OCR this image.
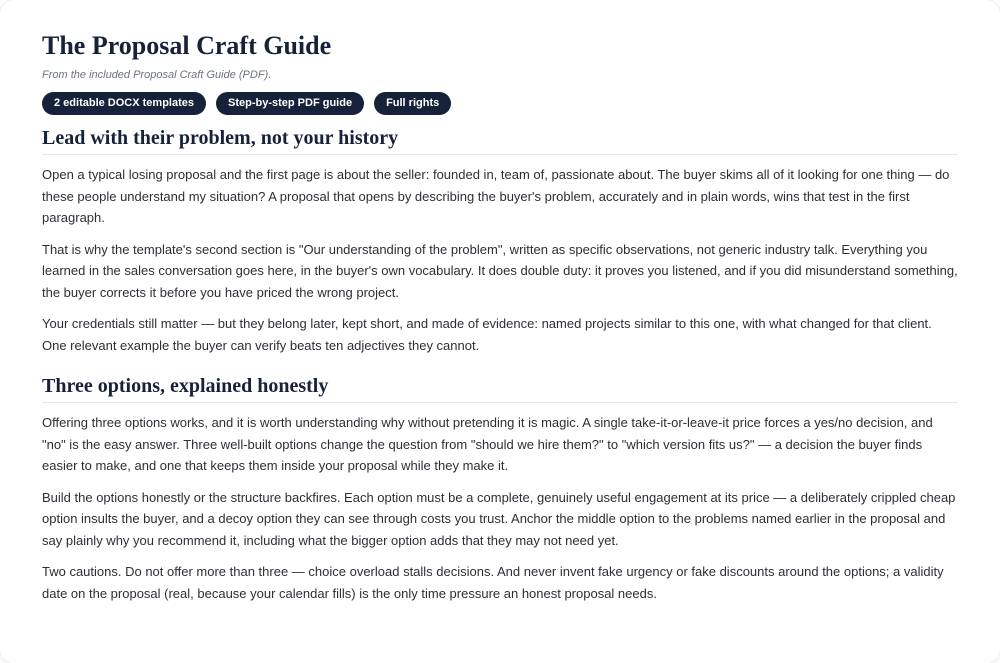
The Proposal Craft Guide

From the included Proposal Craft Guide (PDF).

2 editable DOCX templates	Step-by-step PDF guide	Full rights
Lead with their problem, not your history

Open a typical losing proposal and the first page is about the seller: founded in, team of, passionate about. The buyer skims all of it looking for one thing — do these people understand my situation? A proposal that opens by describing the buyer's problem, accurately and in plain words, wins that test in the first paragraph.

That is why the template's second section is "Our understanding of the problem", written as specific observations, not generic industry talk. Everything you learned in the sales conversation goes here, in the buyer's own vocabulary. It does double duty: it proves you listened, and if you did misunderstand something, the buyer corrects it before you have priced the wrong project.

Your credentials still matter — but they belong later, kept short, and made of evidence: named projects similar to this one, with what changed for that client. One relevant example the buyer can verify beats ten adjectives they cannot.

Three options, explained honestly

Offering three options works, and it is worth understanding why without pretending it is magic. A single take-it-or-leave-it price forces a yes/no decision, and "no" is the easy answer. Three well-built options change the question from "should we hire them?" to "which version fits us?" — a decision the buyer finds easier to make, and one that keeps them inside your proposal while they make it.

Build the options honestly or the structure backfires. Each option must be a complete, genuinely useful engagement at its price — a deliberately crippled cheap option insults the buyer, and a decoy option they can see through costs you trust. Anchor the middle option to the problems named earlier in the proposal and say plainly why you recommend it, including what the bigger option adds that they may not need yet.

Two cautions. Do not offer more than three — choice overload stalls decisions. And never invent fake urgency or fake discounts around the options; a validity date on the proposal (real, because your calendar fills) is the only time pressure an honest proposal needs.
